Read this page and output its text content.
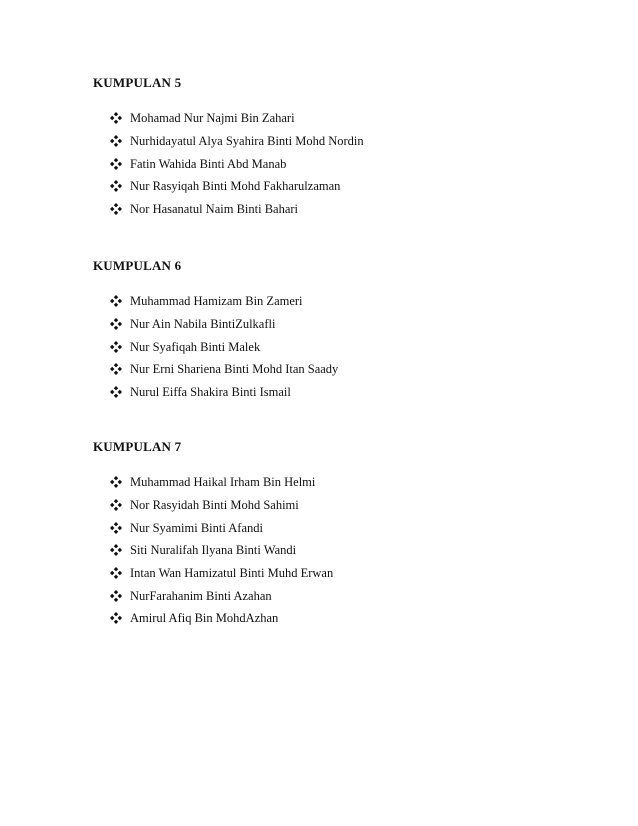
KUMPULAN 5
Mohamad Nur Najmi Bin Zahari
Nurhidayatul Alya Syahira Binti Mohd Nordin
Fatin Wahida Binti Abd Manab
Nur Rasyiqah Binti Mohd Fakharulzaman
Nor Hasanatul Naim Binti Bahari
KUMPULAN 6
Muhammad Hamizam Bin Zameri
Nur Ain Nabila BintiZulkafli
Nur Syafiqah Binti Malek
Nur Erni Shariena Binti Mohd Itan Saady
Nurul Eiffa Shakira Binti Ismail
KUMPULAN 7
Muhammad Haikal Irham Bin Helmi
Nor Rasyidah Binti Mohd Sahimi
Nur Syamimi Binti Afandi
Siti Nuralifah Ilyana Binti Wandi
Intan Wan Hamizatul Binti Muhd Erwan
NurFarahanim Binti Azahan
Amirul Afiq Bin MohdAzhan
